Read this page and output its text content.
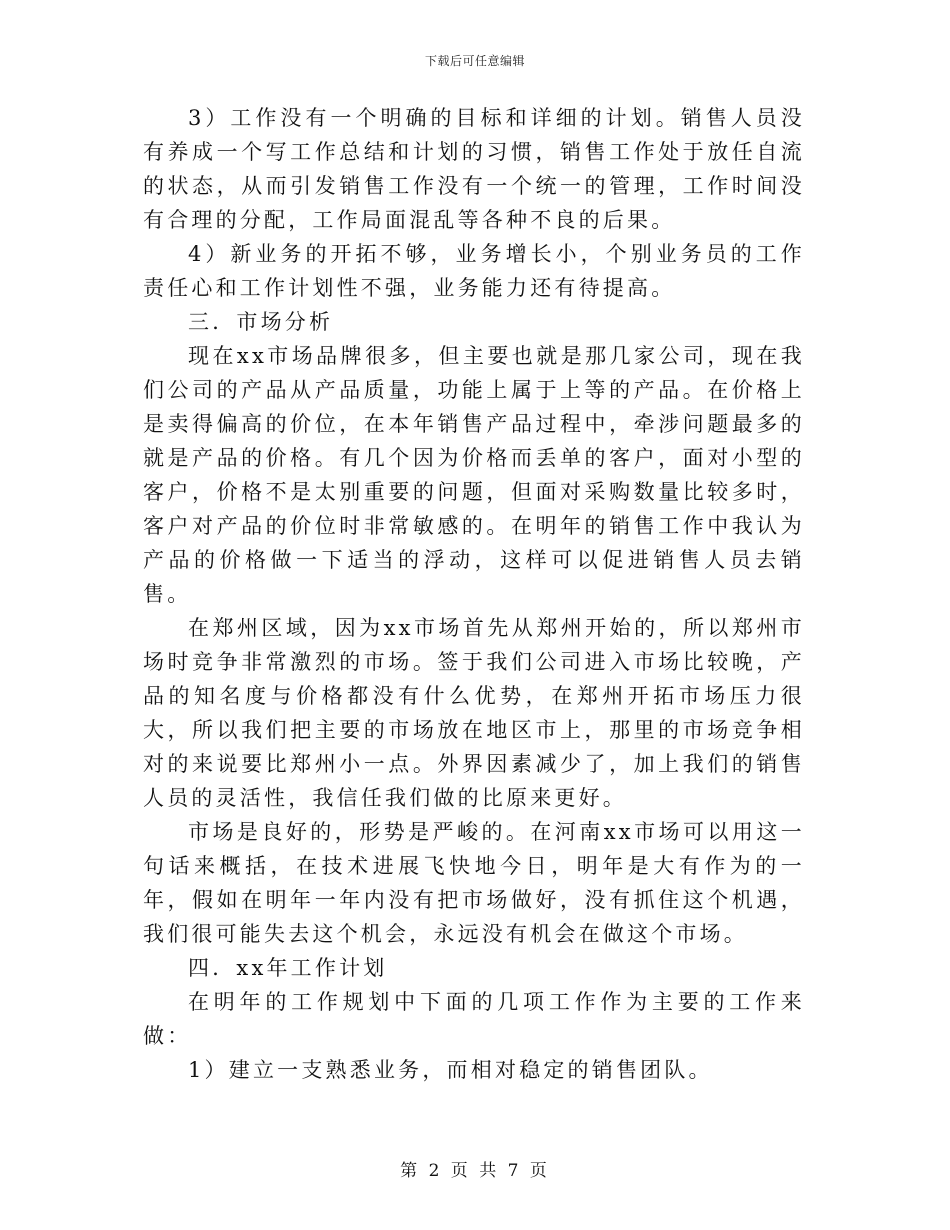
下载后可任意编辑

3）工作没有一个明确的目标和详细的计划。销售人员没有养成一个写工作总结和计划的习惯，销售工作处于放任自流的状态，从而引发销售工作没有一个统一的管理，工作时间没有合理的分配，工作局面混乱等各种不良的后果。

4）新业务的开拓不够，业务增长小，个别业务员的工作责任心和工作计划性不强，业务能力还有待提高。

三．市场分析

现在xx市场品牌很多，但主要也就是那几家公司，现在我们公司的产品从产品质量，功能上属于上等的产品。在价格上是卖得偏高的价位，在本年销售产品过程中，牵涉问题最多的就是产品的价格。有几个因为价格而丢单的客户，面对小型的客户，价格不是太别重要的问题，但面对采购数量比较多时，客户对产品的价位时非常敏感的。在明年的销售工作中我认为产品的价格做一下适当的浮动，这样可以促进销售人员去销售。

在郑州区域，因为xx市场首先从郑州开始的，所以郑州市场时竞争非常激烈的市场。签于我们公司进入市场比较晚，产品的知名度与价格都没有什么优势，在郑州开拓市场压力很大，所以我们把主要的市场放在地区市上，那里的市场竞争相对的来说要比郑州小一点。外界因素减少了，加上我们的销售人员的灵活性，我信任我们做的比原来更好。

市场是良好的，形势是严峻的。在河南xx市场可以用这一句话来概括，在技术进展飞快地今日，明年是大有作为的一年，假如在明年一年内没有把市场做好，没有抓住这个机遇，我们很可能失去这个机会，永远没有机会在做这个市场。

四．xx年工作计划

在明年的工作规划中下面的几项工作作为主要的工作来做：

1）建立一支熟悉业务，而相对稳定的销售团队。

第 2 页 共 7 页
